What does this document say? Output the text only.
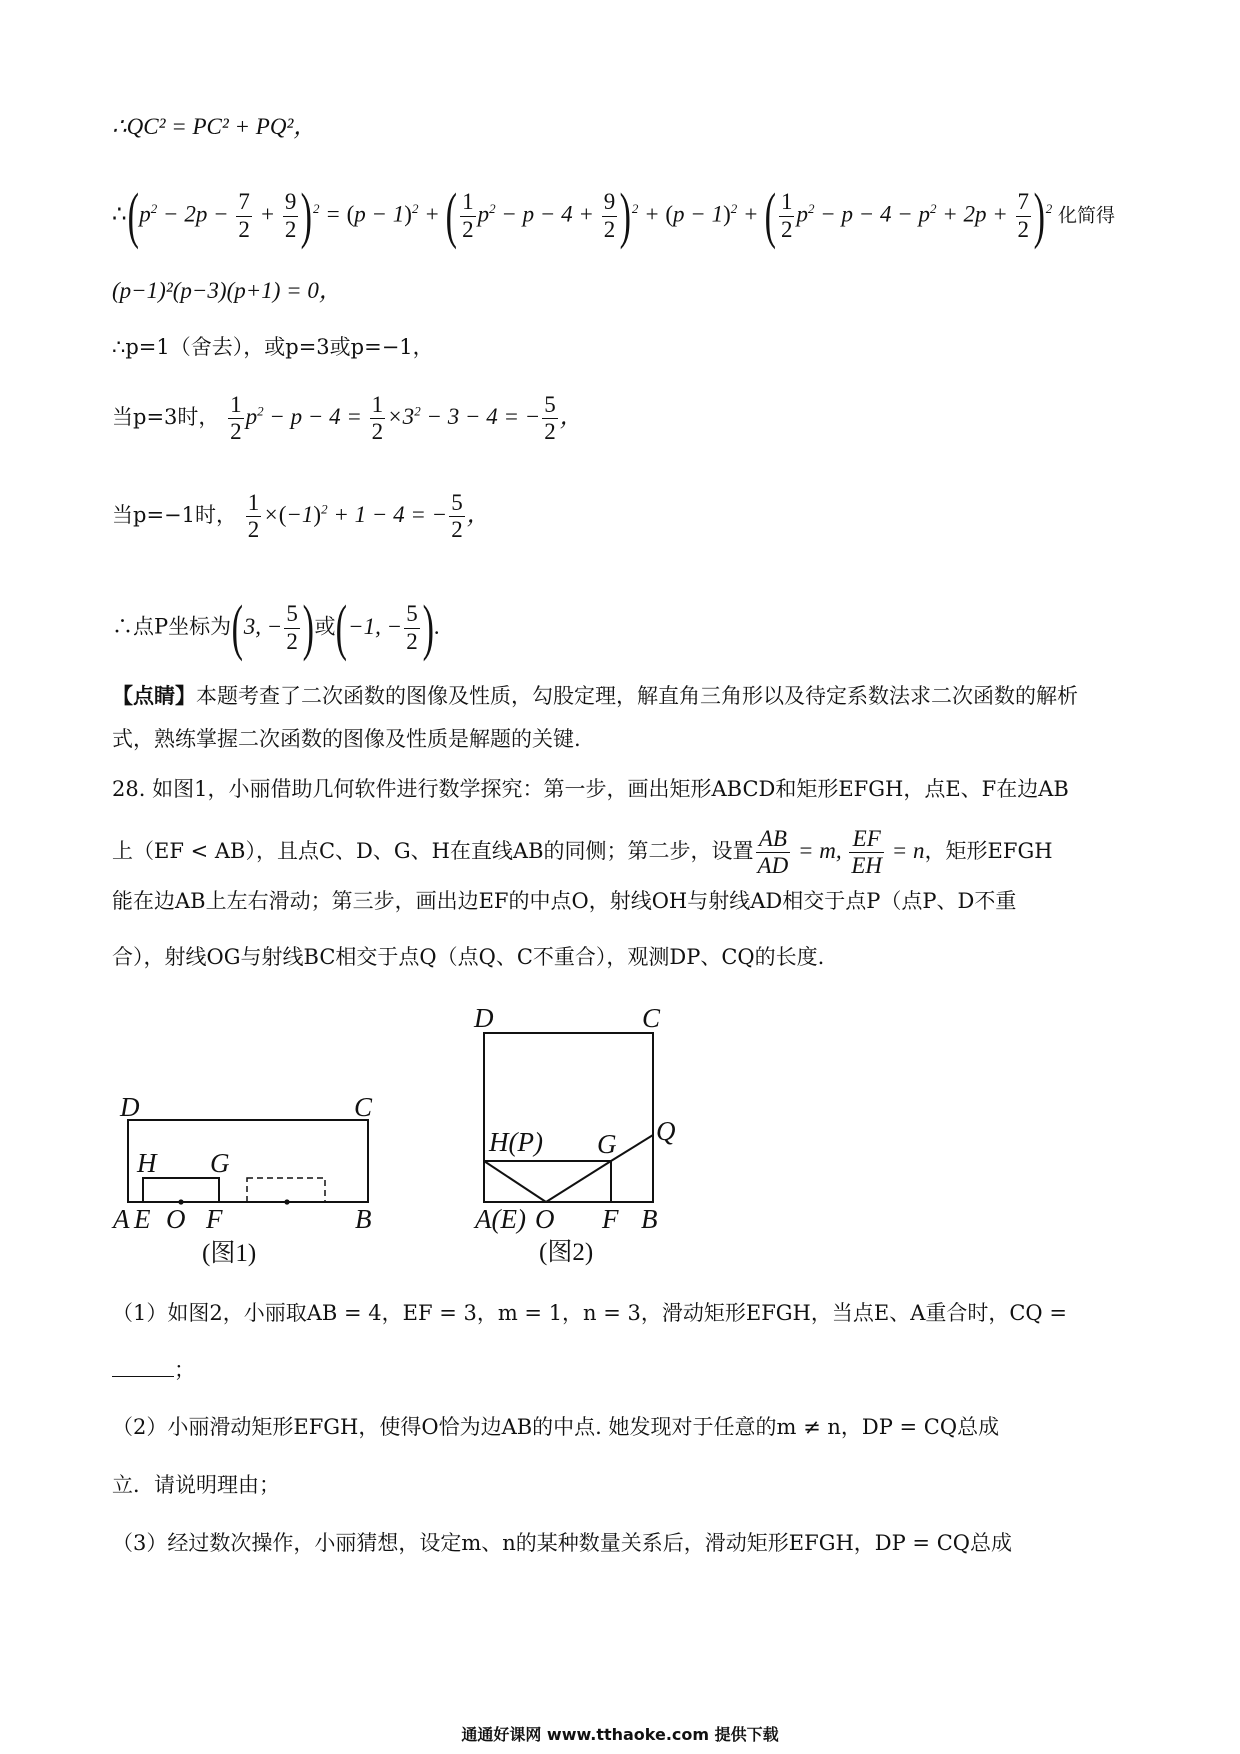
∴QC² = PC² + PQ²，
$\therefore(p^2 - 2p - \frac{7}{2} + \frac{9}{2} )^2 = (p - 1)^2$ + ( $\frac{1}{2} p^2 - p - 4 + \frac{9}{2} )^2 + (p - 1)^2$ + ( $\frac{1}{2} p^2 - p - 4 - p^2 + 2p + \frac{7}{2} )^2$ 化简得
(p−1)²(p−3)(p+1) = 0，
∴p=1（舍去），或p=3或p=−1，
当p=3时， $\frac{1}{2} p^2 - p - 4 = \frac{1}{2} \times 3^2 - 3 - 4$ = − $\frac{5}{2}$ ，
当p=−1时， $\frac{1}{2} \times(-1)^2 + 1 - 4$ = − $\frac{5}{2}$ ，
∴点P坐标为(3, − $\frac{5}{2}$ )或(−1, − $\frac{5}{2}$ ).
【点睛】本题考查了二次函数的图像及性质，勾股定理，解直角三角形以及待定系数法求二次函数的解析
式，熟练掌握二次函数的图像及性质是解题的关键.
28. 如图1，小丽借助几何软件进行数学探究：第一步，画出矩形ABCD和矩形EFGH，点E、F在边AB
上（EF < AB），且点C、D、G、H在直线AB的同侧；第二步，设置 $\frac{AB}{AD} = m$, $\frac{EF}{EH} = n$，矩形EFGH
能在边AB上左右滑动；第三步，画出边EF的中点O，射线OH与射线AD相交于点P（点P、D不重
合），射线OG与射线BC相交于点Q（点Q、C不重合），观测DP、CQ的长度.
D	C
H G
A E O F	B
(图1)
D	C
H(P) G Q
A(E) O F B
(图2)
（1）如图2，小丽取AB = 4，EF = 3，m = 1，n = 3，滑动矩形EFGH，当点E、A重合时，CQ =
；
（2）小丽滑动矩形EFGH，使得O恰为边AB的中点. 她发现对于任意的m ≠ n，DP = CQ总成
立．请说明理由；
（3）经过数次操作，小丽猜想，设定m、n的某种数量关系后，滑动矩形EFGH，DP = CQ总成
通通好课网 www.tthaoke.com 提供下载
